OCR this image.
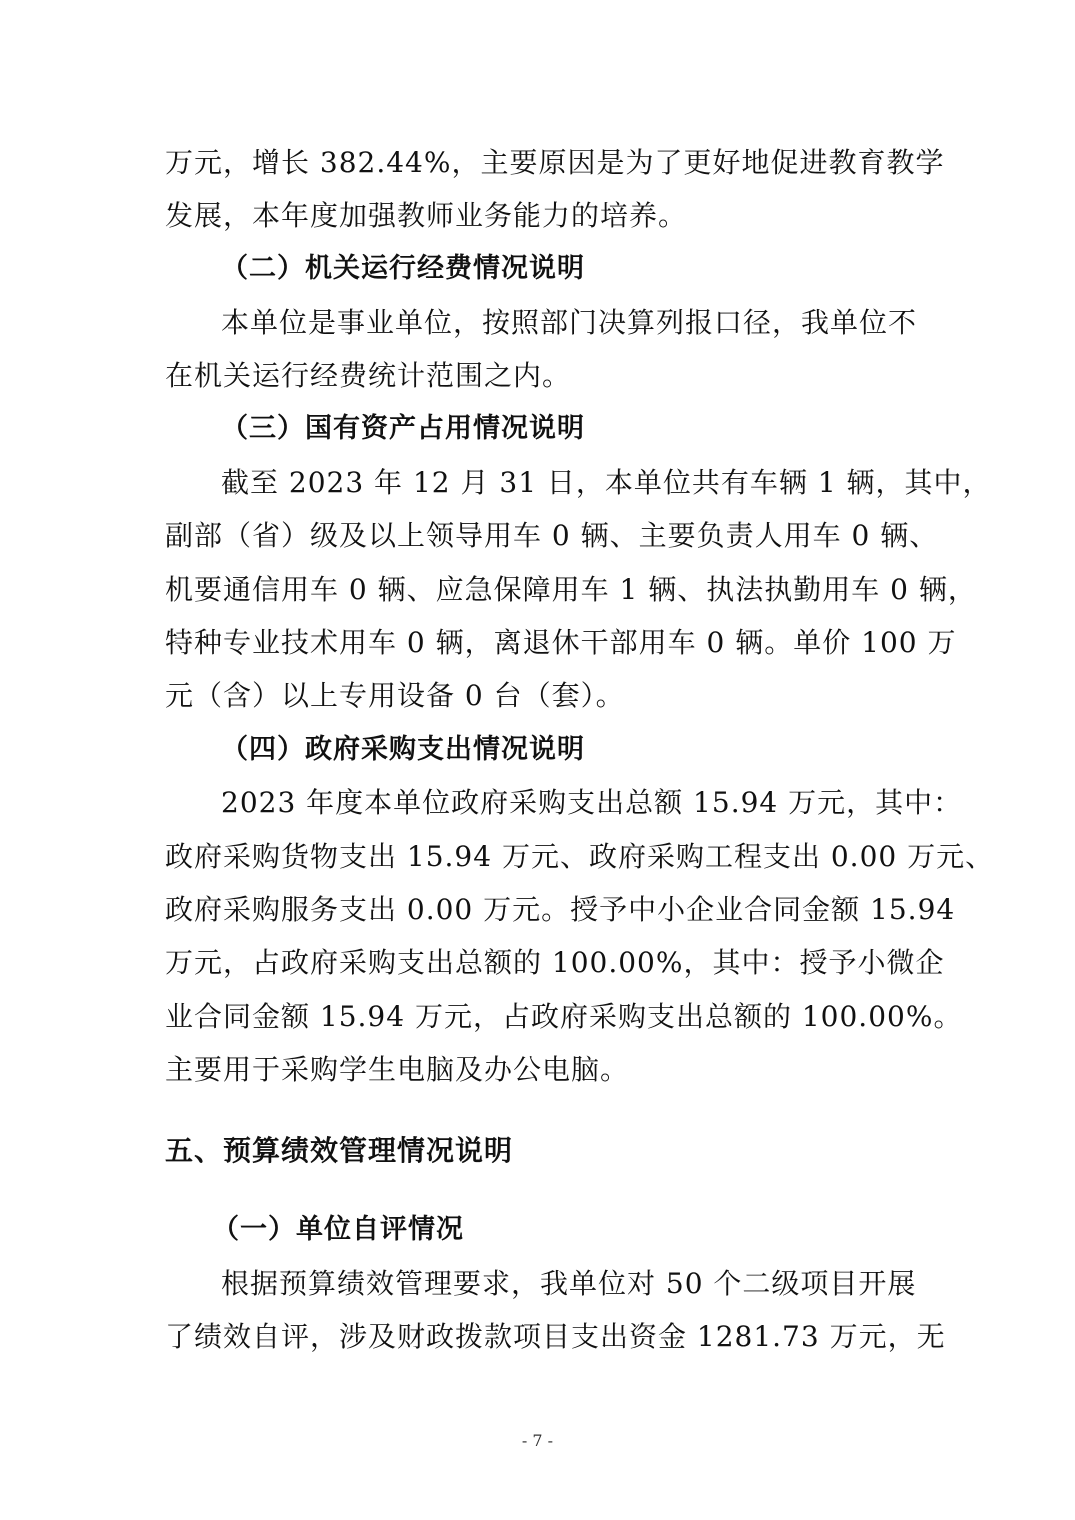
万元，增长 382.44%，主要原因是为了更好地促进教育教学
发展，本年度加强教师业务能力的培养。
（二）机关运行经费情况说明
本单位是事业单位，按照部门决算列报口径，我单位不
在机关运行经费统计范围之内。
（三）国有资产占用情况说明
截至 2023 年 12 月 31 日，本单位共有车辆 1 辆，其中，
副部（省）级及以上领导用车 0 辆、主要负责人用车 0 辆、
机要通信用车 0 辆、应急保障用车 1 辆、执法执勤用车 0 辆，
特种专业技术用车 0 辆，离退休干部用车 0 辆。单价 100 万
元（含）以上专用设备 0 台（套）。
（四）政府采购支出情况说明
2023 年度本单位政府采购支出总额 15.94 万元，其中：
政府采购货物支出 15.94 万元、政府采购工程支出 0.00 万元、
政府采购服务支出 0.00 万元。授予中小企业合同金额 15.94
万元，占政府采购支出总额的 100.00%，其中：授予小微企
业合同金额 15.94 万元，占政府采购支出总额的 100.00%。
主要用于采购学生电脑及办公电脑。
五、预算绩效管理情况说明
（一）单位自评情况
根据预算绩效管理要求，我单位对 50 个二级项目开展
了绩效自评，涉及财政拨款项目支出资金 1281.73 万元，无
- 7 -
